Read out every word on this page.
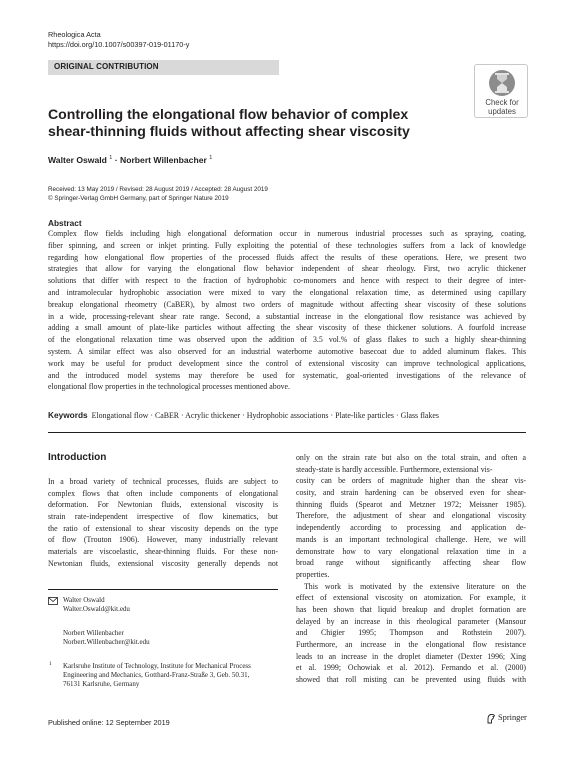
Rheologica Acta
https://doi.org/10.1007/s00397-019-01170-y
ORIGINAL CONTRIBUTION
Check for
updates
Controlling the elongational flow behavior of complex
shear-thinning fluids without affecting shear viscosity
Walter Oswald $^1$ · Norbert Willenbacher $^1$
Received: 13 May 2019 / Revised: 28 August 2019 / Accepted: 28 August 2019
© Springer-Verlag GmbH Germany, part of Springer Nature 2019
Abstract
Complex flow fields including high elongational deformation occur in numerous industrial processes such as spraying, coating,
fiber spinning, and screen or inkjet printing. Fully exploiting the potential of these technologies suffers from a lack of knowledge
regarding how elongational flow properties of the processed fluids affect the results of these operations. Here, we present two
strategies that allow for varying the elongational flow behavior independent of shear rheology. First, two acrylic thickener
solutions that differ with respect to the fraction of hydrophobic co-monomers and hence with respect to their degree of inter-
and intramolecular hydrophobic association were mixed to vary the elongational relaxation time, as determined using capillary
breakup elongational rheometry (CaBER), by almost two orders of magnitude without affecting shear viscosity of these solutions
in a wide, processing-relevant shear rate range. Second, a substantial increase in the elongational flow resistance was achieved by
adding a small amount of plate-like particles without affecting the shear viscosity of these thickener solutions. A fourfold increase
of the elongational relaxation time was observed upon the addition of 3.5 vol.% of glass flakes to such a highly shear-thinning
system. A similar effect was also observed for an industrial waterborne automotive basecoat due to added aluminum flakes. This
work may be useful for product development since the control of extensional viscosity can improve technological applications,
and the introduced model systems may therefore be used for systematic, goal-oriented investigations of the relevance of
elongational flow properties in the technological processes mentioned above.
Keywords Elongational flow · CaBER · Acrylic thickener · Hydrophobic associations · Plate-like particles · Glass flakes
Introduction
In a broad variety of technical processes, fluids are subject to
complex flows that often include components of elongational
deformation. For Newtonian fluids, extensional viscosity is
strain rate-independent irrespective of flow kinematics, but
the ratio of extensional to shear viscosity depends on the type
of flow (Trouton 1906). However, many industrially relevant
materials are viscoelastic, shear-thinning fluids. For these non-
Newtonian fluids, extensional viscosity generally depends not
only on the strain rate but also on the total strain, and often a
steady-state is hardly accessible. Furthermore, extensional vis-
cosity can be orders of magnitude higher than the shear vis-
cosity, and strain hardening can be observed even for shear-
thinning fluids (Spearot and Metzner 1972; Meissner 1985).
Therefore, the adjustment of shear and elongational viscosity
independently according to processing and application de-
mands is an important technological challenge. Here, we will
demonstrate how to vary elongational relaxation time in a
broad range without significantly affecting shear flow
properties.
This work is motivated by the extensive literature on the
effect of extensional viscosity on atomization. For example, it
has been shown that liquid breakup and droplet formation are
delayed by an increase in this rheological parameter (Mansour
and Chigier 1995; Thompson and Rothstein 2007).
Furthermore, an increase in the elongational flow resistance
leads to an increase in the droplet diameter (Dexter 1996; Xing
et al. 1999; Ochowiak et al. 2012). Fernando et al. (2000)
showed that roll misting can be prevented using fluids with
Walter Oswald
Walter.Oswald@kit.edu
Norbert Willenbacher
Norbert.Willenbacher@kit.edu
1 Karlsruhe Institute of Technology, Institute for Mechanical Process
Engineering and Mechanics, Gotthard-Franz-Straße 3, Geb. 50.31,
76131 Karlsruhe, Germany
Published online: 12 September 2019
Springer
